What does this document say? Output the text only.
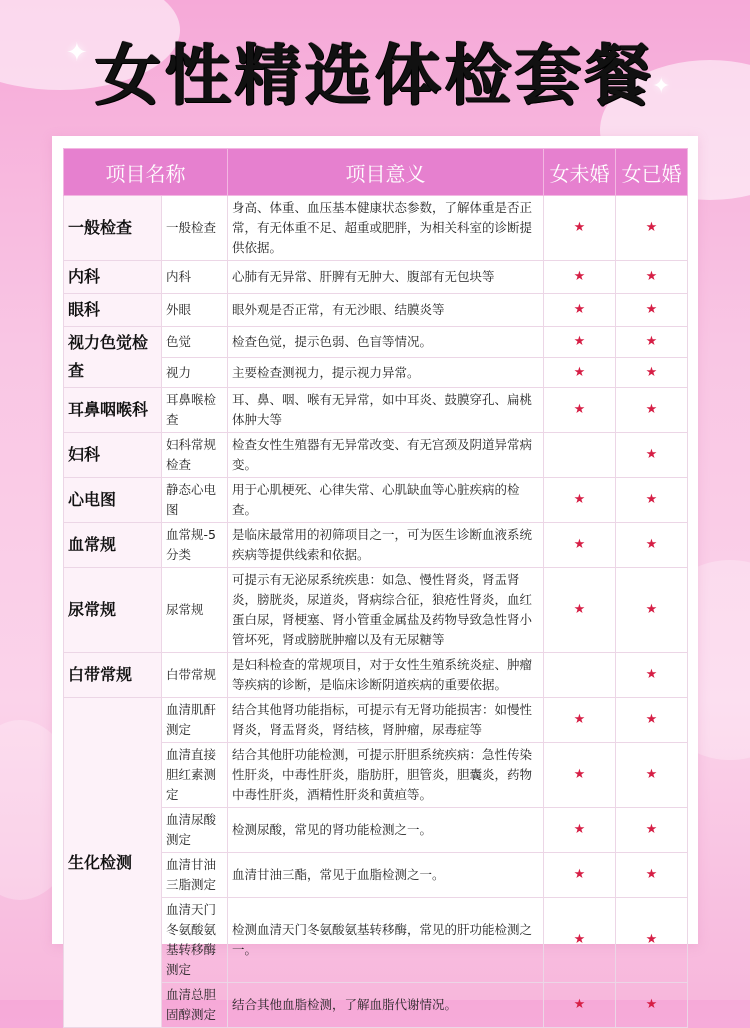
✦
✦
女性精选体检套餐
项目名称		项目意义	女未婚	女已婚
一般检查	一般检查	身高、体重、血压基本健康状态参数，了解体重是否正常，有无体重不足、超重或肥胖，为相关科室的诊断提供依据。	★	★
内科	内科	心肺有无异常、肝脾有无肿大、腹部有无包块等	★	★
眼科	外眼	眼外观是否正常，有无沙眼、结膜炎等	★	★
视力色觉检查	色觉	检查色觉，提示色弱、色盲等情况。	★	★
	视力	主要检查测视力，提示视力异常。	★	★
耳鼻咽喉科	耳鼻喉检查	耳、鼻、咽、喉有无异常，如中耳炎、鼓膜穿孔、扁桃体肿大等	★	★
妇科	妇科常规检查	检查女性生殖器有无异常改变、有无宫颈及阴道异常病变。		★
心电图	静态心电图	用于心肌梗死、心律失常、心肌缺血等心脏疾病的检查。	★	★
血常规	血常规-5分类	是临床最常用的初筛项目之一，可为医生诊断血液系统疾病等提供线索和依据。	★	★
尿常规	尿常规	可提示有无泌尿系统疾患：如急、慢性肾炎，肾盂肾炎，膀胱炎，尿道炎，肾病综合征，狼疮性肾炎，血红蛋白尿，肾梗塞、肾小管重金属盐及药物导致急性肾小管坏死，肾或膀胱肿瘤以及有无尿糖等	★	★
白带常规	白带常规	是妇科检查的常规项目，对于女性生殖系统炎症、肿瘤等疾病的诊断，是临床诊断阴道疾病的重要依据。		★
生化检测	血清肌酐测定	结合其他肾功能指标，可提示有无肾功能损害：如慢性肾炎，肾盂肾炎，肾结核，肾肿瘤，尿毒症等	★	★
	血清直接胆红素测定	结合其他肝功能检测，可提示肝胆系统疾病：急性传染性肝炎，中毒性肝炎，脂肪肝，胆管炎，胆囊炎，药物中毒性肝炎，酒精性肝炎和黄疸等。	★	★
	血清尿酸测定	检测尿酸，常见的肾功能检测之一。	★	★
	血清甘油三脂测定	血清甘油三酯，常见于血脂检测之一。	★	★
	血清天门冬氨酸氨基转移酶测定	检测血清天门冬氨酸氨基转移酶，常见的肝功能检测之一。	★	★
	血清总胆固醇测定	结合其他血脂检测，了解血脂代谢情况。	★	★
